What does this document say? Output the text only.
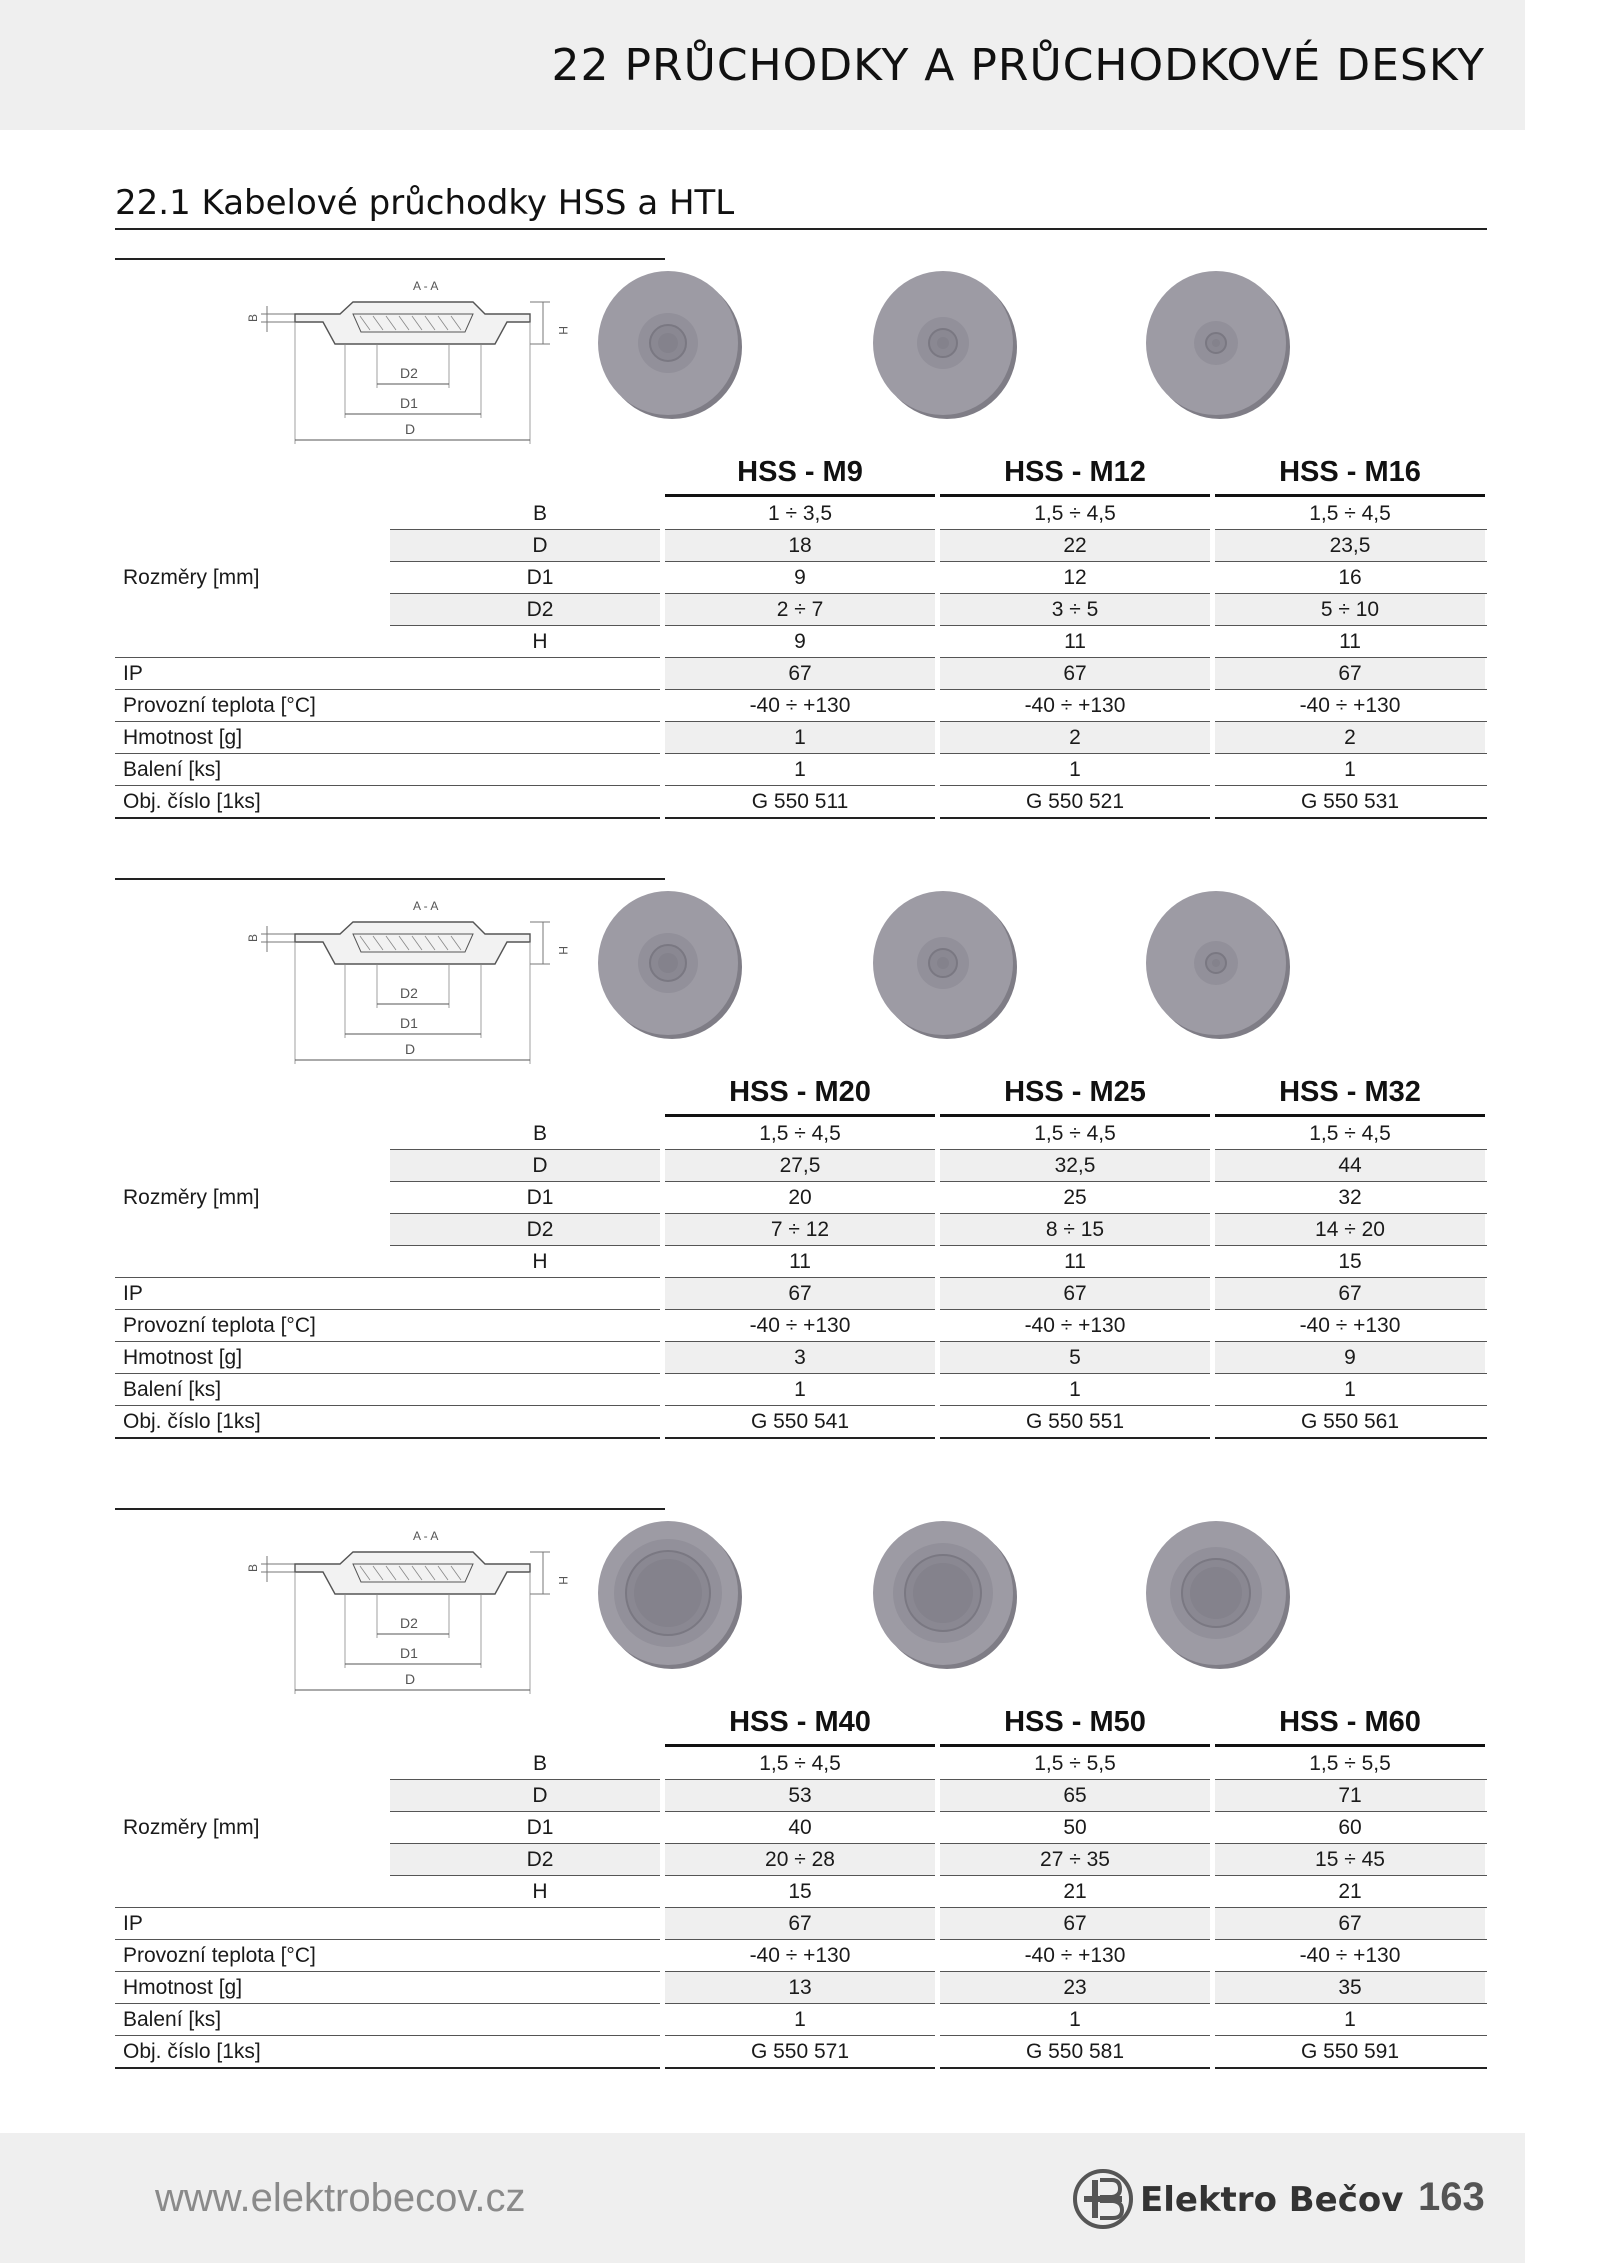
22 PRŮCHODKY A PRŮCHODKOVÉ DESKY
22.1 Kabelové průchodky HSS a HTL
A - A
B
H
D2
D1
D
HSS - M9	HSS - M12	HSS - M16
B	1 ÷ 3,5	1,5 ÷ 4,5	1,5 ÷ 4,5
D	18	22	23,5
D1	9	12	16
D2	2 ÷ 7	3 ÷ 5	5 ÷ 10
H	9	11	11
IP	67	67	67
Provozní teplota [°C]	-40 ÷ +130	-40 ÷ +130	-40 ÷ +130
Hmotnost [g]	1	2	2
Balení [ks]	1	1	1
Obj. číslo [1ks]	G 550 511	G 550 521	G 550 531
Rozměry [mm]
A - A
B
H
D2
D1
D
HSS - M20	HSS - M25	HSS - M32
B	1,5 ÷ 4,5	1,5 ÷ 4,5	1,5 ÷ 4,5
D	27,5	32,5	44
D1	20	25	32
D2	7 ÷ 12	8 ÷ 15	14 ÷ 20
H	11	11	15
IP	67	67	67
Provozní teplota [°C]	-40 ÷ +130	-40 ÷ +130	-40 ÷ +130
Hmotnost [g]	3	5	9
Balení [ks]	1	1	1
Obj. číslo [1ks]	G 550 541	G 550 551	G 550 561
Rozměry [mm]
A - A
B
H
D2
D1
D
HSS - M40	HSS - M50	HSS - M60
B	1,5 ÷ 4,5	1,5 ÷ 5,5	1,5 ÷ 5,5
D	53	65	71
D1	40	50	60
D2	20 ÷ 28	27 ÷ 35	15 ÷ 45
H	15	21	21
IP	67	67	67
Provozní teplota [°C]	-40 ÷ +130	-40 ÷ +130	-40 ÷ +130
Hmotnost [g]	13	23	35
Balení [ks]	1	1	1
Obj. číslo [1ks]	G 550 571	G 550 581	G 550 591
Rozměry [mm]
www.elektrobecov.cz	Elektro Bečov 163
